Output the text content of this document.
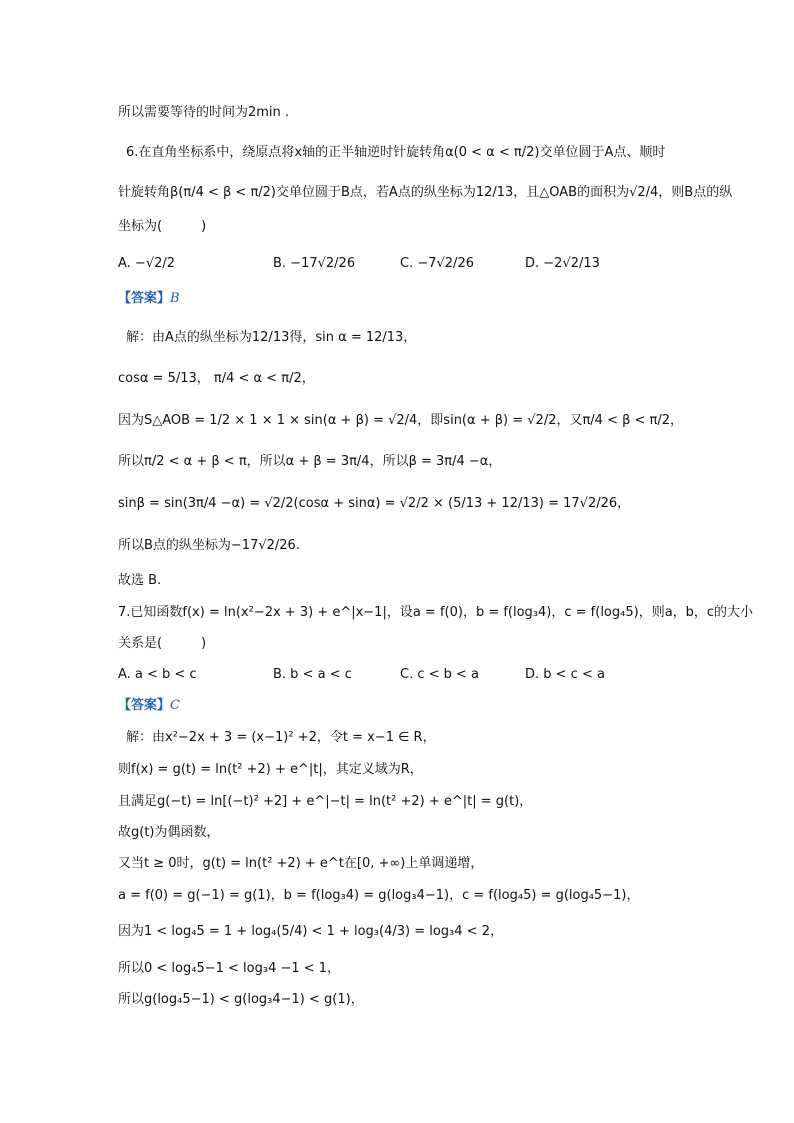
所以需要等待的时间为2min .
6.在直角坐标系中，绕原点将x轴的正半轴逆时针旋转角α(0 < α < π/2)交单位圆于A点、顺时
针旋转角β(π/4 < β < π/2)交单位圆于B点，若A点的纵坐标为12/13，且△OAB的面积为√2/4，则B点的纵
坐标为(　　　)
A. −√2/2	B. −17√2/26	C. −7√2/26	D. −2√2/13
【答案】B
解：由A点的纵坐标为12/13得，sin α = 12/13，
cosα = 5/13， π/4 < α < π/2，
因为S△AOB = 1/2 × 1 × 1 × sin(α + β) = √2/4，即sin(α + β) = √2/2，又π/4 < β < π/2，
所以π/2 < α + β < π，所以α + β = 3π/4，所以β = 3π/4 −α，
sinβ = sin(3π/4 −α) = √2/2(cosα + sinα) = √2/2 × (5/13 + 12/13) = 17√2/26，
所以B点的纵坐标为−17√2/26.
故选 B.
7.已知函数f(x) = ln(x²−2x + 3) + e^|x−1|，设a = f(0)，b = f(log₃4)，c = f(log₄5)，则a，b，c的大小
关系是(　　　)
A. a < b < c	B. b < a < c	C. c < b < a	D. b < c < a
【答案】C
解：由x²−2x + 3 = (x−1)² +2，令t = x−1 ∈ R，
则f(x) = g(t) = ln(t² +2) + e^|t|，其定义域为R，
且满足g(−t) = ln[(−t)² +2] + e^|−t| = ln(t² +2) + e^|t| = g(t)，
故g(t)为偶函数，
又当t ≥ 0时，g(t) = ln(t² +2) + e^t在[0, +∞)上单调递增，
a = f(0) = g(−1) = g(1)，b = f(log₃4) = g(log₃4−1)，c = f(log₄5) = g(log₄5−1)，
因为1 < log₄5 = 1 + log₄(5/4) < 1 + log₃(4/3) = log₃4 < 2，
所以0 < log₄5−1 < log₃4 −1 < 1，
所以g(log₄5−1) < g(log₃4−1) < g(1)，
